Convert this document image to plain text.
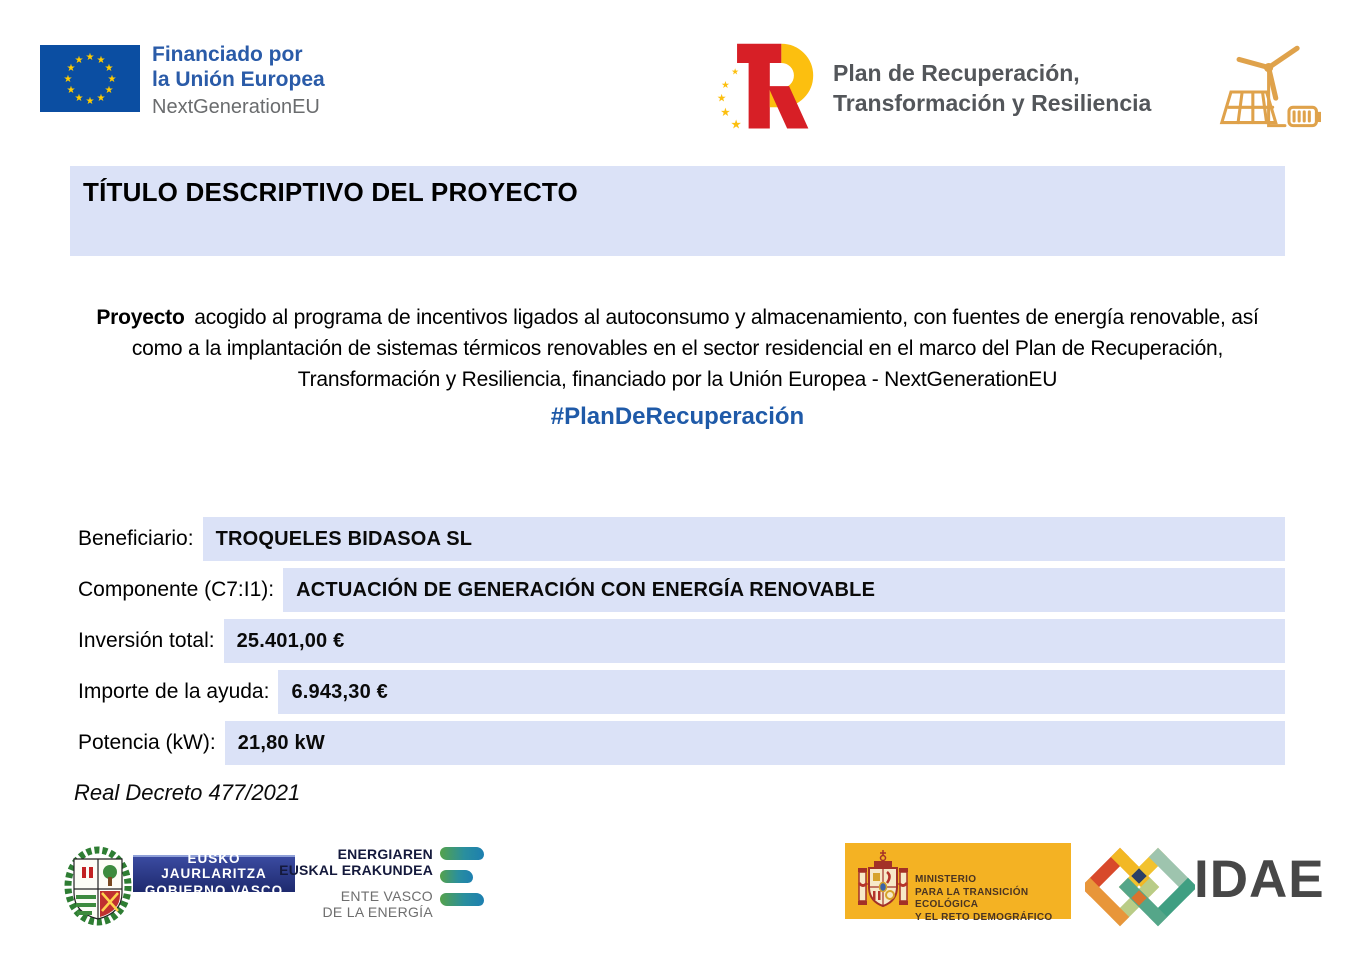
★ ★
★
★
★
★
★
★
★
★
★
★	Financiado por
la Unión Europea
NextGenerationEU
★
★
★
★
★
Plan de Recuperación,
Transformación y Resiliencia
TÍTULO DESCRIPTIVO DEL PROYECTO

Proyecto acogido al programa de incentivos ligados al autoconsumo y almacenamiento, con fuentes de energía renovable, así como a la implantación de sistemas térmicos renovables en el sector residencial en el marco del Plan de Recuperación, Transformación y Resiliencia, financiado por la Unión Europea - NextGenerationEU

#PlanDeRecuperación
Beneficiario:	TROQUELES BIDASOA SL
Componente (C7:I1):	ACTUACIÓN DE GENERACIÓN CON ENERGÍA RENOVABLE
Inversión total:	25.401,00 €
Importe de la ayuda:	6.943,30 €
Potencia (kW):	21,80 kW
Real Decreto 477/2021
EUSKO JAURLARITZA
GOBIERNO VASCO
ENERGIAREN
EUSKAL ERAKUNDEA
ENTE VASCO
DE LA ENERGÍA
MINISTERIO
PARA LA TRANSICIÓN ECOLÓGICA
Y EL RETO DEMOGRÁFICO
IDAE
